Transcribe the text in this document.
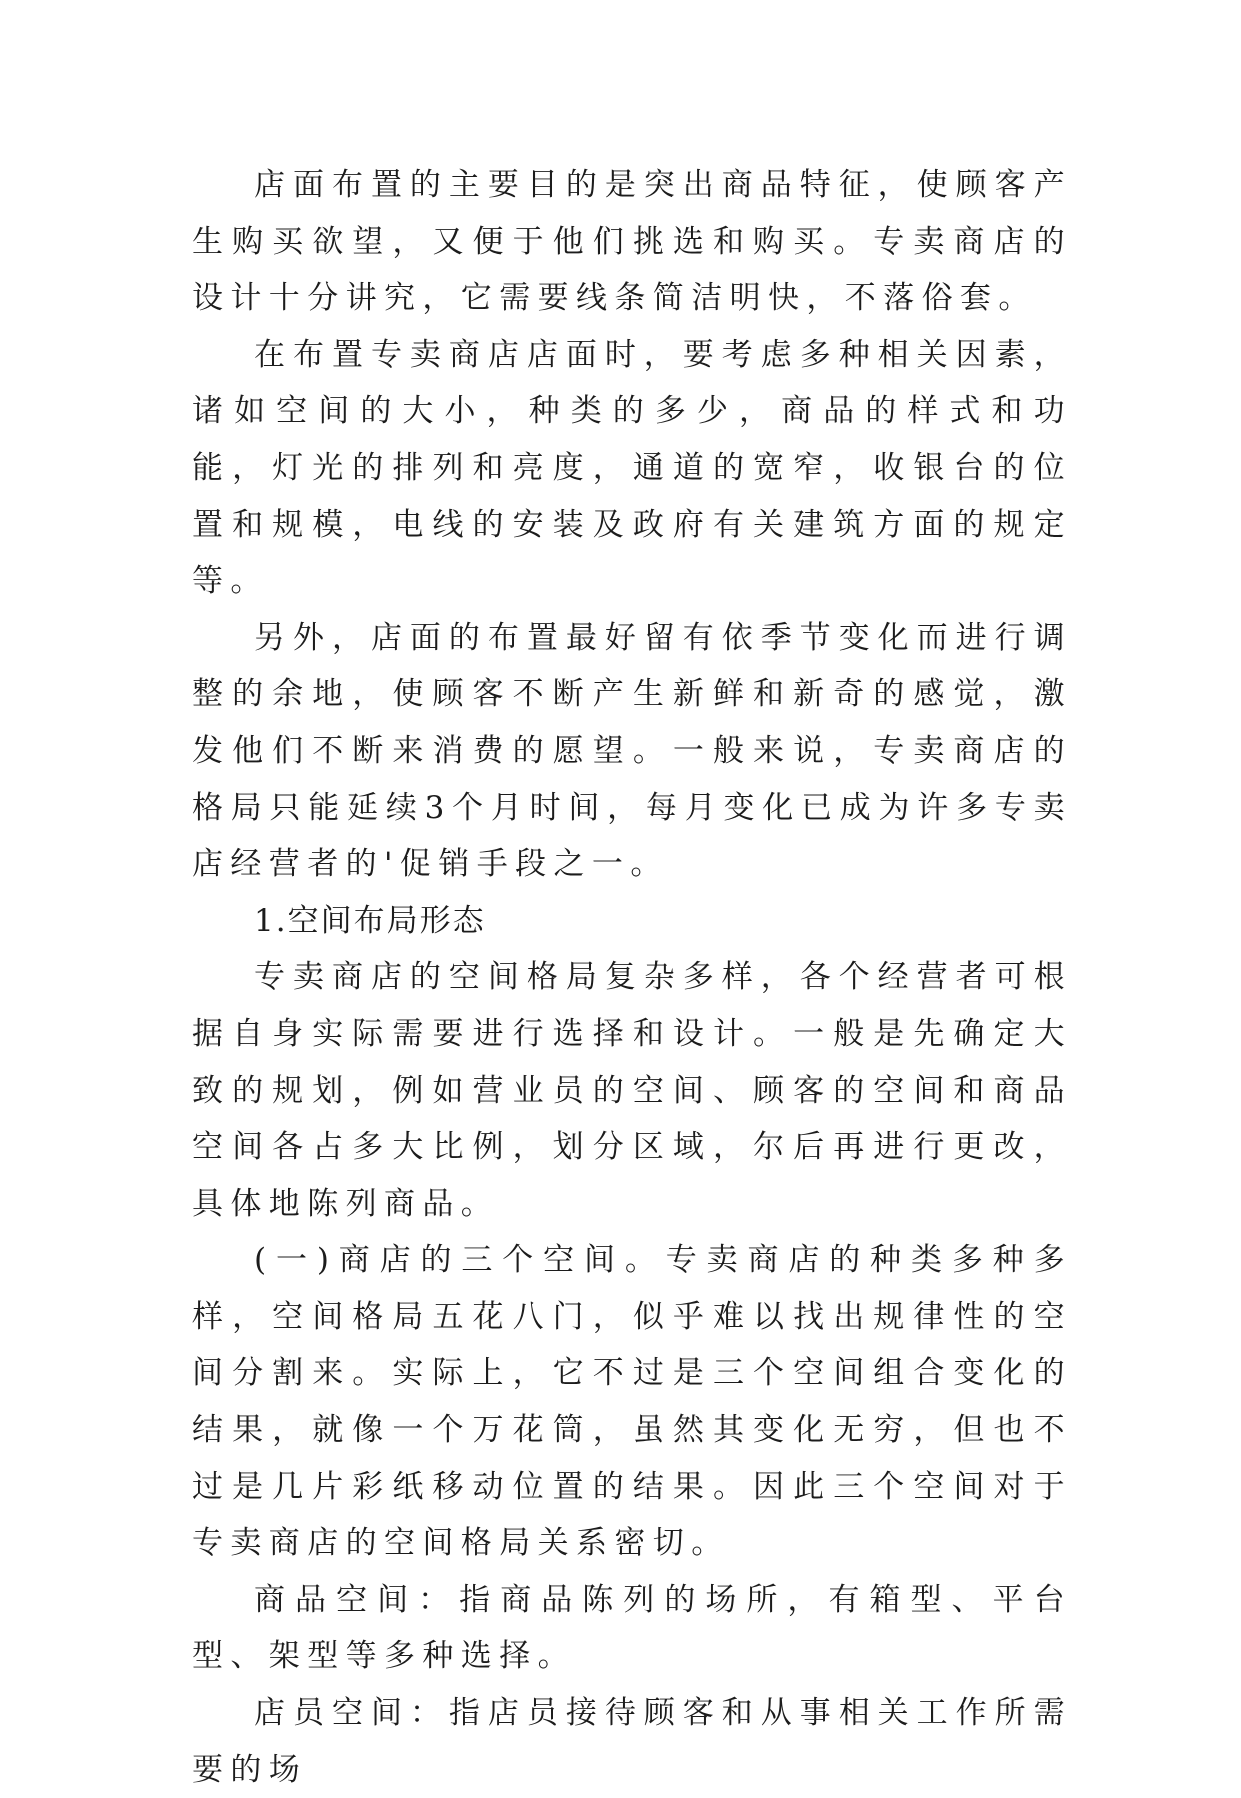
店面布置的主要目的是突出商品特征，使顾客产生购买欲望，又便于他们挑选和购买。专卖商店的设计十分讲究，它需要线条简洁明快，不落俗套。

在布置专卖商店店面时，要考虑多种相关因素，诸如空间的大小，种类的多少，商品的样式和功能，灯光的排列和亮度，通道的宽窄，收银台的位置和规模，电线的安装及政府有关建筑方面的规定等。

另外，店面的布置最好留有依季节变化而进行调整的余地，使顾客不断产生新鲜和新奇的感觉，激发他们不断来消费的愿望。一般来说，专卖商店的格局只能延续3个月时间，每月变化已成为许多专卖店经营者的'促销手段之一。

1.空间布局形态

专卖商店的空间格局复杂多样，各个经营者可根据自身实际需要进行选择和设计。一般是先确定大致的规划，例如营业员的空间、顾客的空间和商品空间各占多大比例，划分区域，尔后再进行更改，具体地陈列商品。

(一)商店的三个空间。专卖商店的种类多种多样，空间格局五花八门，似乎难以找出规律性的空间分割来。实际上，它不过是三个空间组合变化的结果，就像一个万花筒，虽然其变化无穷，但也不过是几片彩纸移动位置的结果。因此三个空间对于专卖商店的空间格局关系密切。

商品空间：指商品陈列的场所，有箱型、平台型、架型等多种选择。

店员空间：指店员接待顾客和从事相关工作所需要的场
